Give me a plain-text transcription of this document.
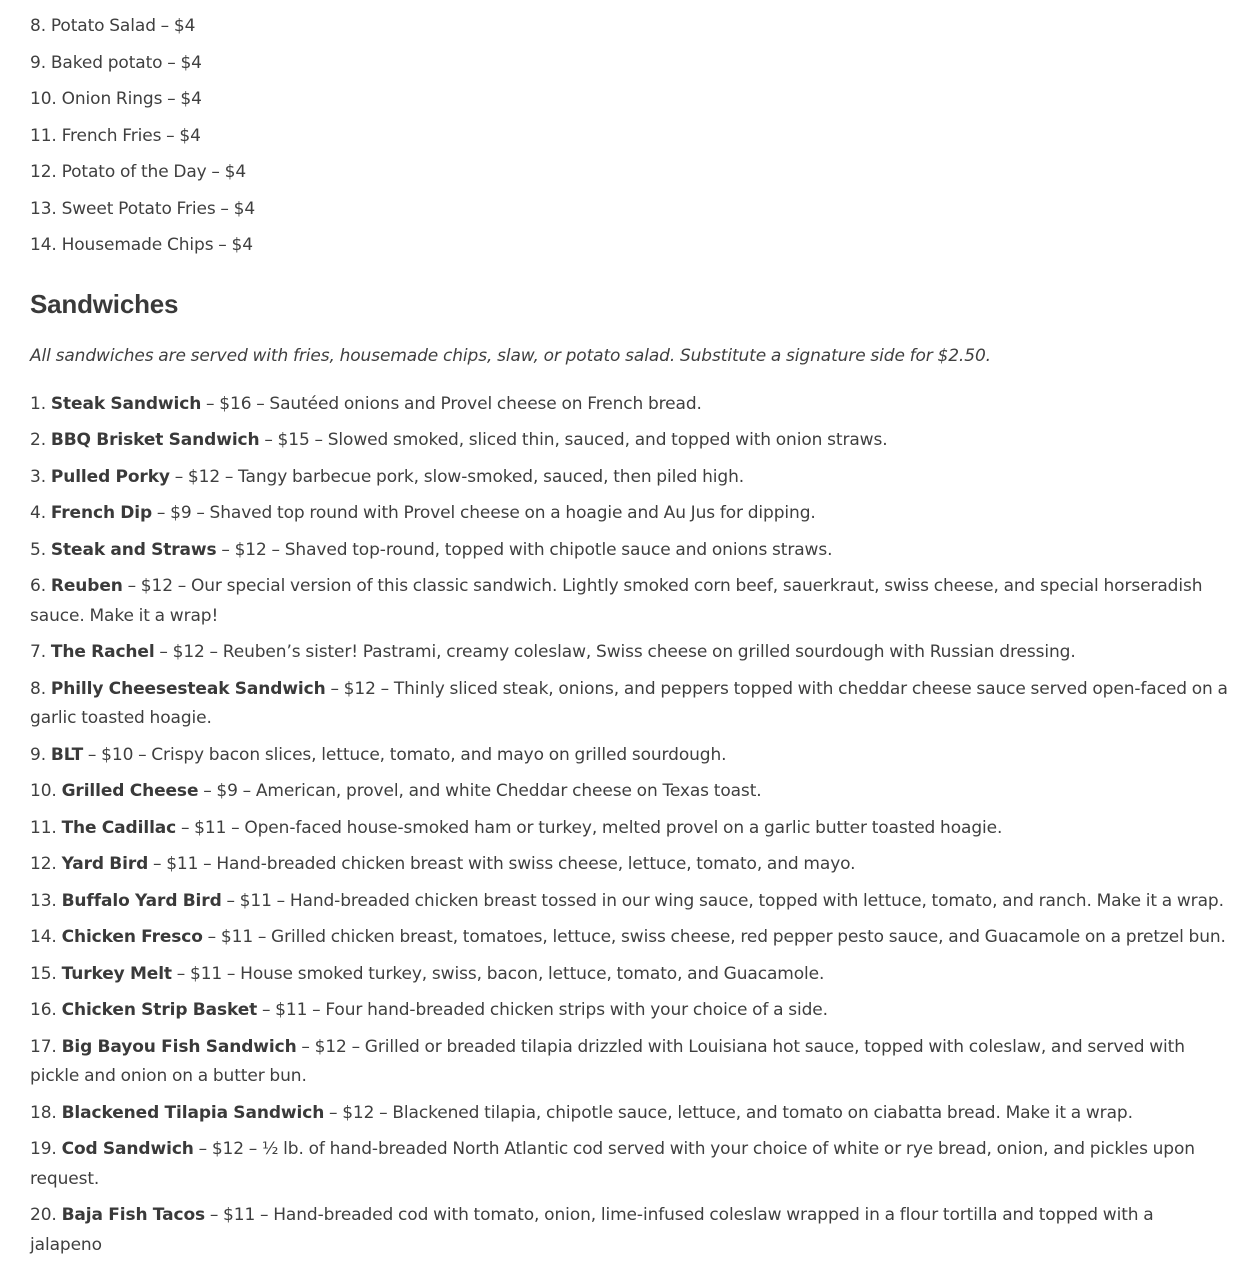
8. Potato Salad – $4

9. Baked potato – $4

10. Onion Rings – $4

11. French Fries – $4

12. Potato of the Day – $4

13. Sweet Potato Fries – $4

14. Housemade Chips – $4

Sandwiches

All sandwiches are served with fries, housemade chips, slaw, or potato salad. Substitute a signature side for $2.50.

1. Steak Sandwich – $16 – Sautéed onions and Provel cheese on French bread.

2. BBQ Brisket Sandwich – $15 – Slowed smoked, sliced thin, sauced, and topped with onion straws.

3. Pulled Porky – $12 – Tangy barbecue pork, slow-smoked, sauced, then piled high.

4. French Dip – $9 – Shaved top round with Provel cheese on a hoagie and Au Jus for dipping.

5. Steak and Straws – $12 – Shaved top-round, topped with chipotle sauce and onions straws.

6. Reuben – $12 – Our special version of this classic sandwich. Lightly smoked corn beef, sauerkraut, swiss cheese, and special horseradish sauce. Make it a wrap!

7. The Rachel – $12 – Reuben’s sister! Pastrami, creamy coleslaw, Swiss cheese on grilled sourdough with Russian dressing.

8. Philly Cheesesteak Sandwich – $12 – Thinly sliced steak, onions, and peppers topped with cheddar cheese sauce served open-faced on a garlic toasted hoagie.

9. BLT – $10 – Crispy bacon slices, lettuce, tomato, and mayo on grilled sourdough.

10. Grilled Cheese – $9 – American, provel, and white Cheddar cheese on Texas toast.

11. The Cadillac – $11 – Open-faced house-smoked ham or turkey, melted provel on a garlic butter toasted hoagie.

12. Yard Bird – $11 – Hand-breaded chicken breast with swiss cheese, lettuce, tomato, and mayo.

13. Buffalo Yard Bird – $11 – Hand-breaded chicken breast tossed in our wing sauce, topped with lettuce, tomato, and ranch. Make it a wrap.

14. Chicken Fresco – $11 – Grilled chicken breast, tomatoes, lettuce, swiss cheese, red pepper pesto sauce, and Guacamole on a pretzel bun.

15. Turkey Melt – $11 – House smoked turkey, swiss, bacon, lettuce, tomato, and Guacamole.

16. Chicken Strip Basket – $11 – Four hand-breaded chicken strips with your choice of a side.

17. Big Bayou Fish Sandwich – $12 – Grilled or breaded tilapia drizzled with Louisiana hot sauce, topped with coleslaw, and served with pickle and onion on a butter bun.

18. Blackened Tilapia Sandwich – $12 – Blackened tilapia, chipotle sauce, lettuce, and tomato on ciabatta bread. Make it a wrap.

19. Cod Sandwich – $12 – ½ lb. of hand-breaded North Atlantic cod served with your choice of white or rye bread, onion, and pickles upon request.

20. Baja Fish Tacos – $11 – Hand-breaded cod with tomato, onion, lime-infused coleslaw wrapped in a flour tortilla and topped with a jalapeno
